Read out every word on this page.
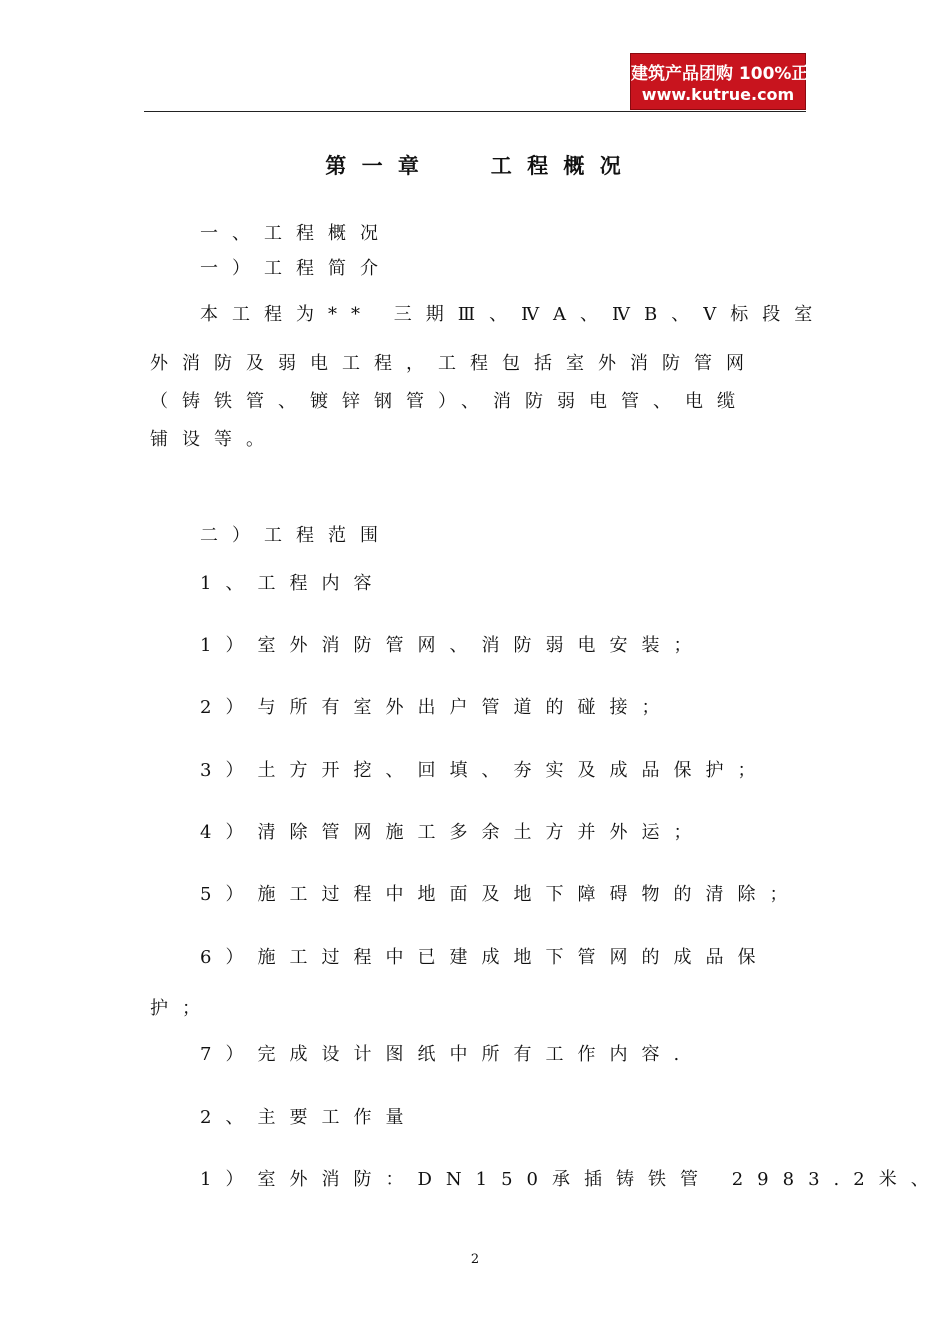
建筑产品团购 100%正品
www.kutrue.com
第 一 章      工 程 概 况
一、工程概况
一）工程简介
本工程为** 三期Ⅲ、ⅣA、ⅣB、Ⅴ标段室
外消防及弱电工程，工程包括室外消防管网
（铸铁管、镀锌钢管）、消防弱电管、电缆
铺设等。
二）工程范围
1、工程内容
1）室外消防管网、消防弱电安装；
2）与所有室外出户管道的碰接；
3）土方开挖、回填、夯实及成品保护；
4）清除管网施工多余土方并外运；
5）施工过程中地面及地下障碍物的清除；
6）施工过程中已建成地下管网的成品保
护；
7）完成设计图纸中所有工作内容.
2、主要工作量
1）室外消防：DN150承插铸铁管 2983.2米、
2
